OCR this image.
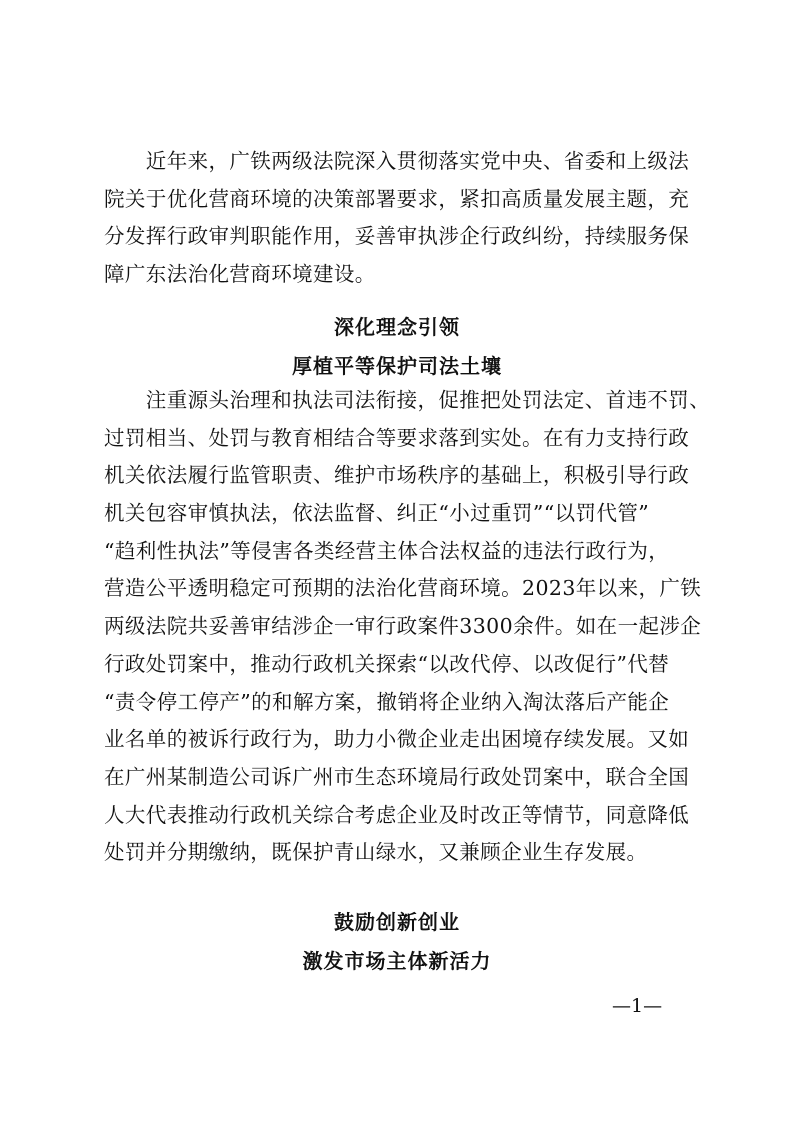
　　近年来，广铁两级法院深入贯彻落实党中央、省委和上级法
院关于优化营商环境的决策部署要求，紧扣高质量发展主题，充
分发挥行政审判职能作用，妥善审执涉企行政纠纷，持续服务保
障广东法治化营商环境建设。
深化理念引领
厚植平等保护司法土壤
　　注重源头治理和执法司法衔接，促推把处罚法定、首违不罚、
过罚相当、处罚与教育相结合等要求落到实处。在有力支持行政
机关依法履行监管职责、维护市场秩序的基础上，积极引导行政
机关包容审慎执法，依法监督、纠正“小过重罚”“以罚代管”
“趋利性执法”等侵害各类经营主体合法权益的违法行政行为，
营造公平透明稳定可预期的法治化营商环境。2023年以来，广铁
两级法院共妥善审结涉企一审行政案件3300余件。如在一起涉企
行政处罚案中，推动行政机关探索“以改代停、以改促行”代替
“责令停工停产”的和解方案，撤销将企业纳入淘汰落后产能企
业名单的被诉行政行为，助力小微企业走出困境存续发展。又如
在广州某制造公司诉广州市生态环境局行政处罚案中，联合全国
人大代表推动行政机关综合考虑企业及时改正等情节，同意降低
处罚并分期缴纳，既保护青山绿水，又兼顾企业生存发展。
鼓励创新创业
激发市场主体新活力
—1—
